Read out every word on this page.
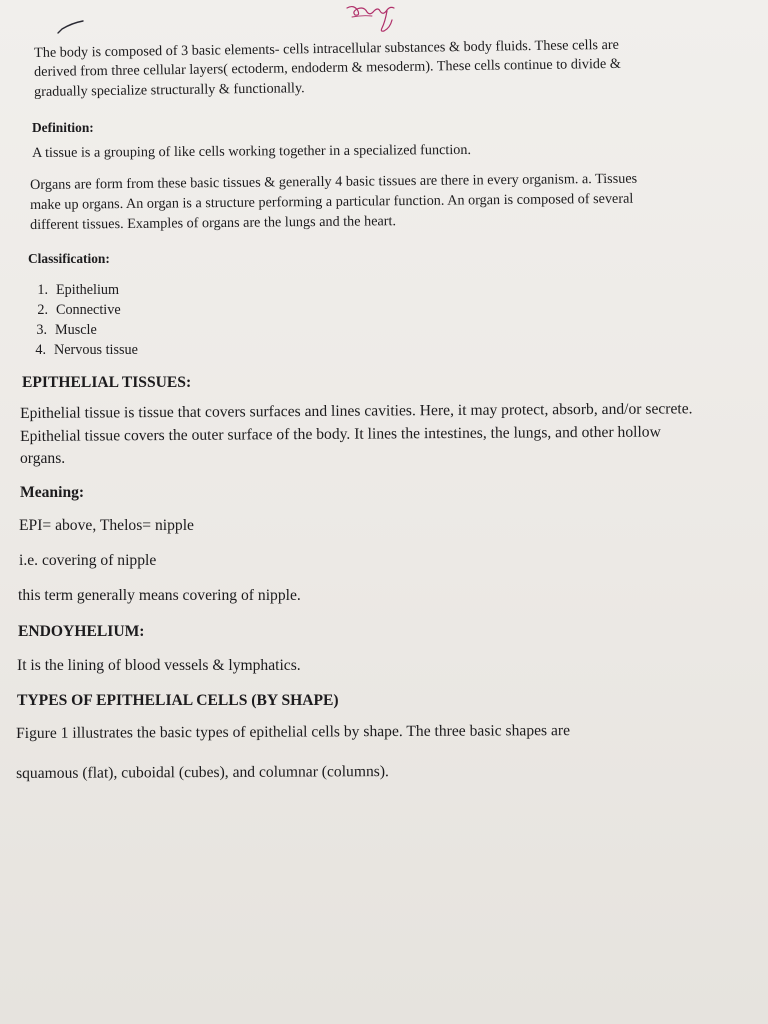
The body is composed of 3 basic elements- cells intracellular substances & body fluids. These cells are
derived from three cellular layers( ectoderm, endoderm & mesoderm). These cells continue to divide &
gradually specialize structurally & functionally.
Definition:
A tissue is a grouping of like cells working together in a specialized function.
Organs are form from these basic tissues & generally 4 basic tissues are there in every organism. a. Tissues
make up organs. An organ is a structure performing a particular function. An organ is composed of several
different tissues. Examples of organs are the lungs and the heart.
Classification:
1. Epithelium
2. Connective
3. Muscle
4. Nervous tissue
EPITHELIAL TISSUES:
Epithelial tissue is tissue that covers surfaces and lines cavities. Here, it may protect, absorb, and/or secrete.
Epithelial tissue covers the outer surface of the body. It lines the intestines, the lungs, and other hollow
organs.
Meaning:
EPI= above, Thelos= nipple
i.e. covering of nipple
this term generally means covering of nipple.
ENDOYHELIUM:
It is the lining of blood vessels & lymphatics.
TYPES OF EPITHELIAL CELLS (BY SHAPE)
Figure 1 illustrates the basic types of epithelial cells by shape. The three basic shapes are
squamous (flat), cuboidal (cubes), and columnar (columns).
